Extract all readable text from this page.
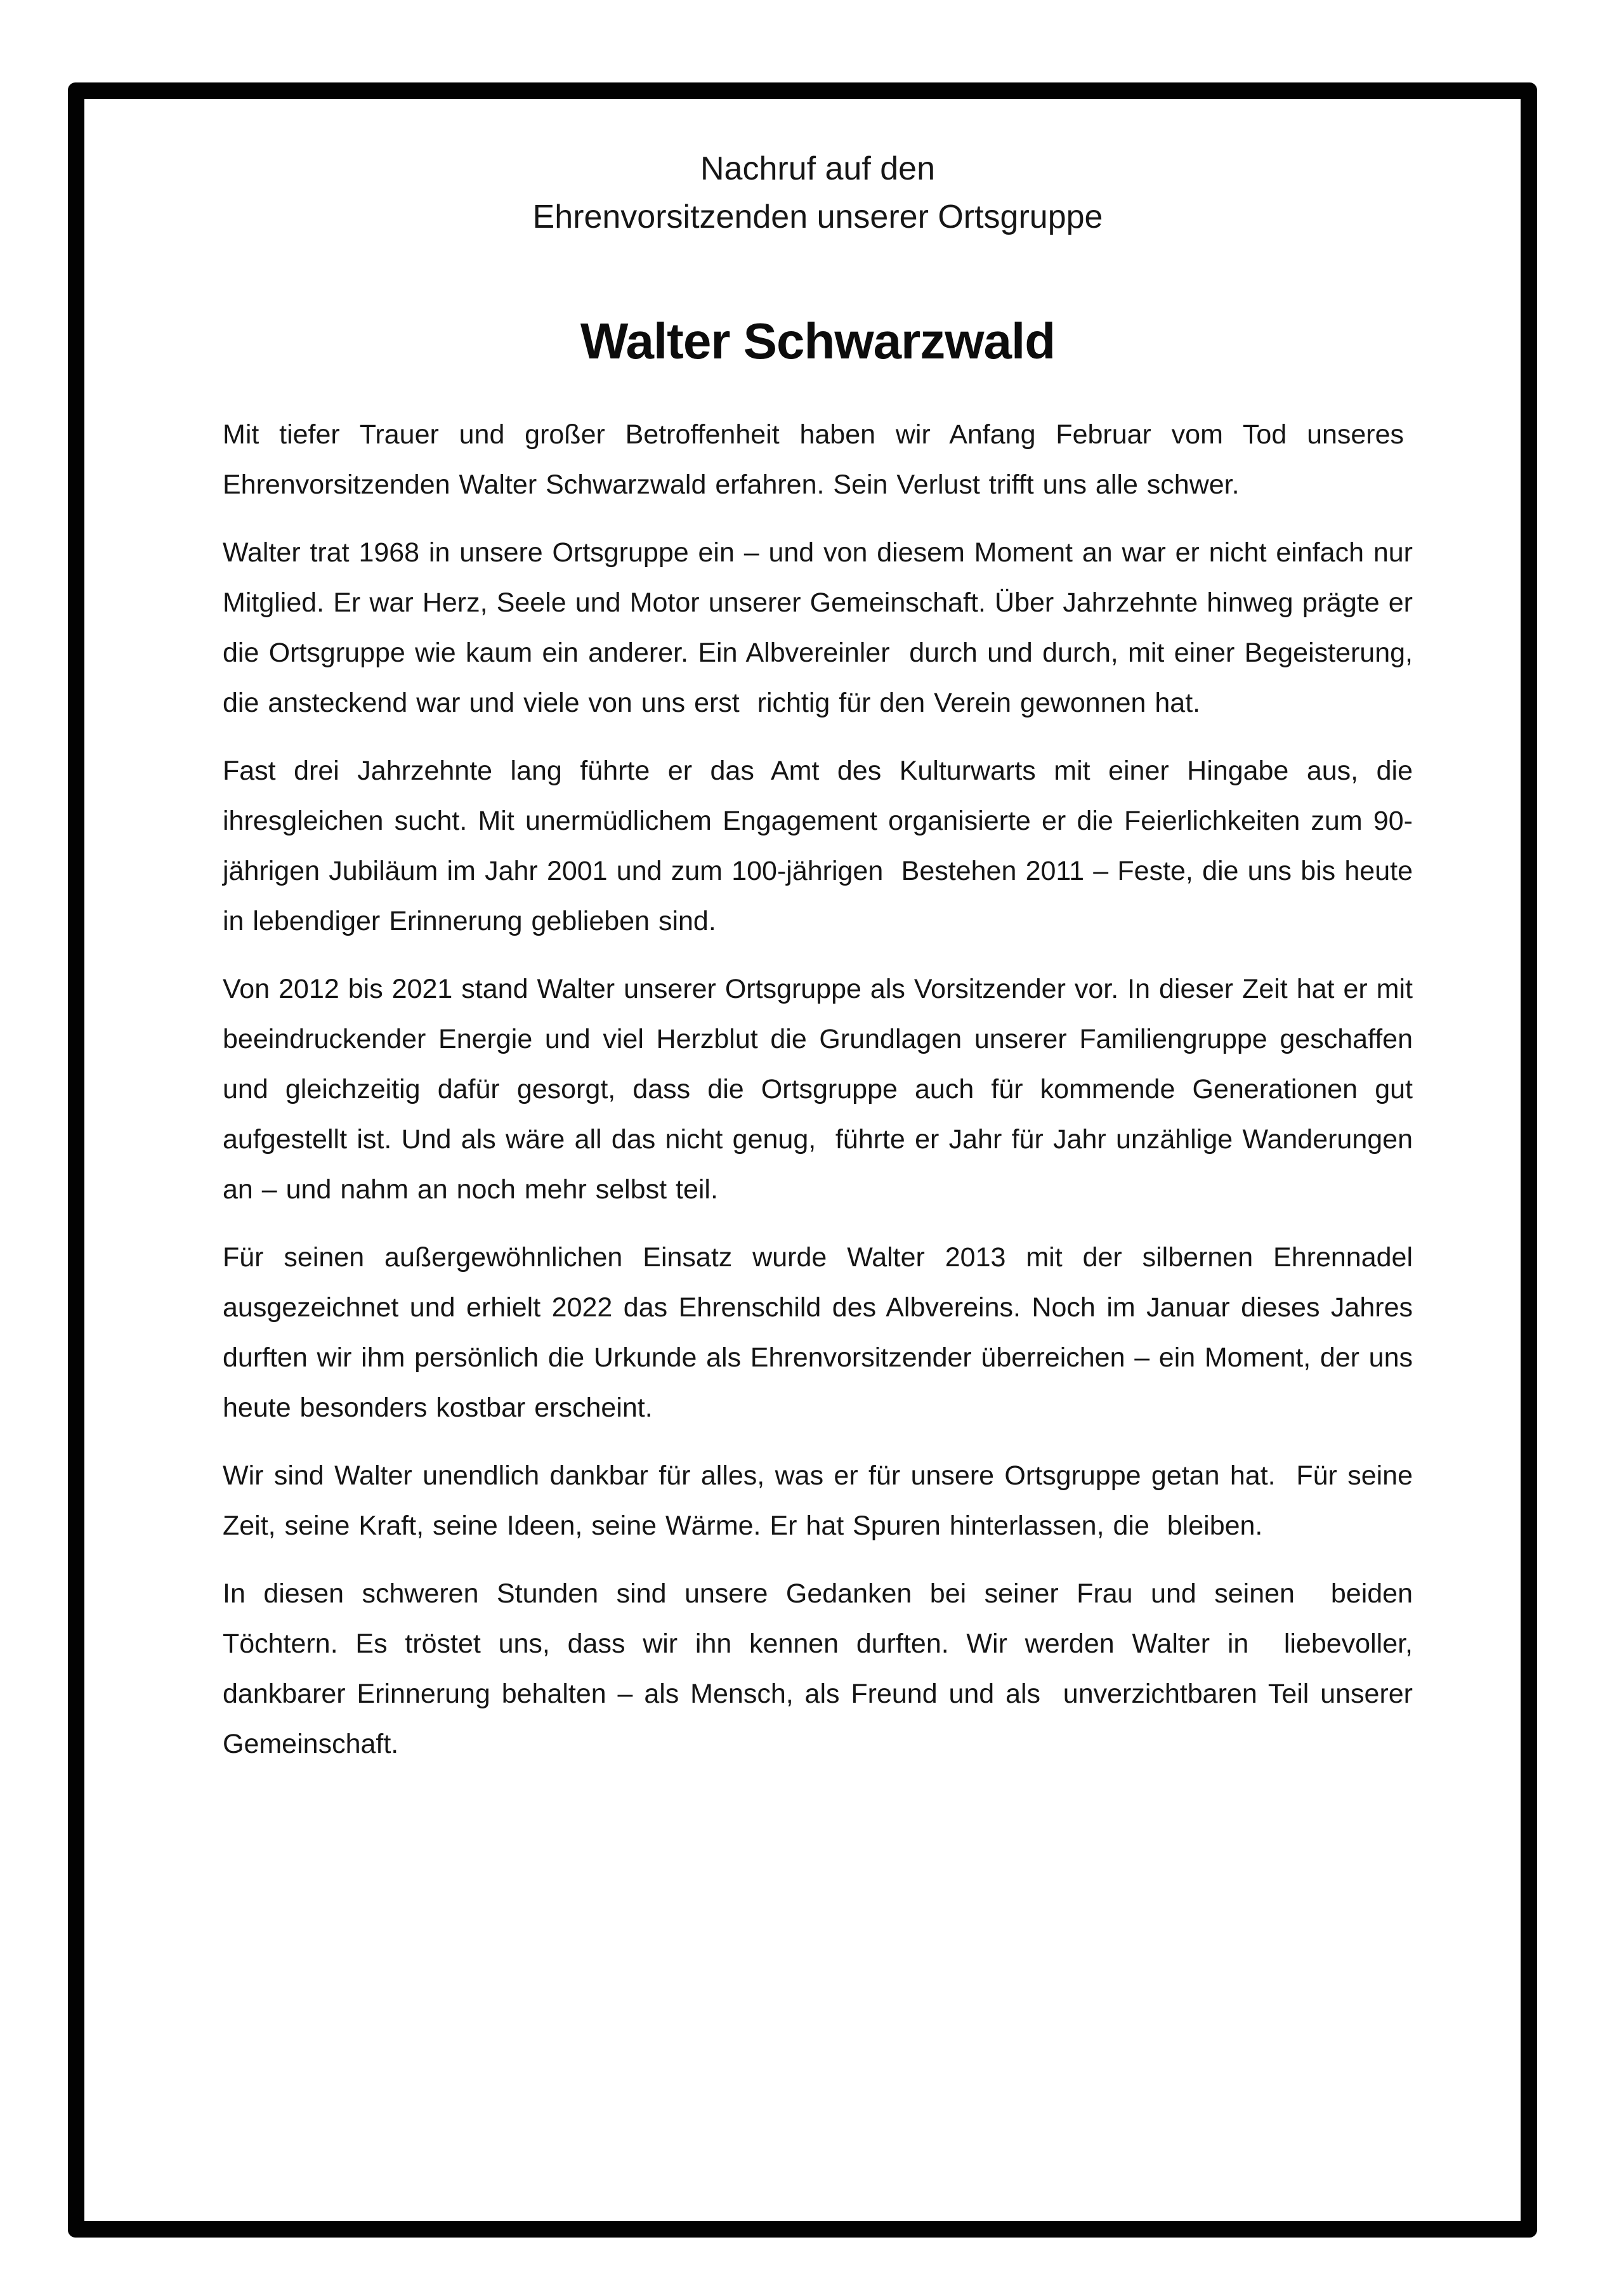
Nachruf auf den
Ehrenvorsitzenden unserer Ortsgruppe
Walter Schwarzwald

Mit tiefer Trauer und großer Betroffenheit haben wir Anfang Februar vom Tod unseres  Ehrenvorsitzenden Walter Schwarzwald erfahren. Sein Verlust trifft uns alle schwer.

Walter trat 1968 in unsere Ortsgruppe ein – und von diesem Moment an war er nicht einfach nur Mitglied. Er war Herz, Seele und Motor unserer Gemeinschaft. Über Jahrzehnte hinweg prägte er die Ortsgruppe wie kaum ein anderer. Ein Albvereinler  durch und durch, mit einer Begeisterung, die ansteckend war und viele von uns erst  richtig für den Verein gewonnen hat.

Fast drei Jahrzehnte lang führte er das Amt des Kulturwarts mit einer Hingabe aus, die ihresgleichen sucht. Mit unermüdlichem Engagement organisierte er die Feierlichkeiten zum 90-jährigen Jubiläum im Jahr 2001 und zum 100-jährigen  Bestehen 2011 – Feste, die uns bis heute in lebendiger Erinnerung geblieben sind.

Von 2012 bis 2021 stand Walter unserer Ortsgruppe als Vorsitzender vor. In dieser Zeit hat er mit beeindruckender Energie und viel Herzblut die Grundlagen unserer Familiengruppe geschaffen und gleichzeitig dafür gesorgt, dass die Ortsgruppe auch für kommende Generationen gut aufgestellt ist. Und als wäre all das nicht genug,  führte er Jahr für Jahr unzählige Wanderungen an – und nahm an noch mehr selbst teil.

Für seinen außergewöhnlichen Einsatz wurde Walter 2013 mit der silbernen Ehrennadel ausgezeichnet und erhielt 2022 das Ehrenschild des Albvereins. Noch im Januar dieses Jahres durften wir ihm persönlich die Urkunde als Ehrenvorsitzender überreichen – ein Moment, der uns heute besonders kostbar erscheint.

Wir sind Walter unendlich dankbar für alles, was er für unsere Ortsgruppe getan hat.  Für seine Zeit, seine Kraft, seine Ideen, seine Wärme. Er hat Spuren hinterlassen, die  bleiben.

In diesen schweren Stunden sind unsere Gedanken bei seiner Frau und seinen  beiden Töchtern. Es tröstet uns, dass wir ihn kennen durften. Wir werden Walter in  liebevoller, dankbarer Erinnerung behalten – als Mensch, als Freund und als  unverzichtbaren Teil unserer Gemeinschaft.
